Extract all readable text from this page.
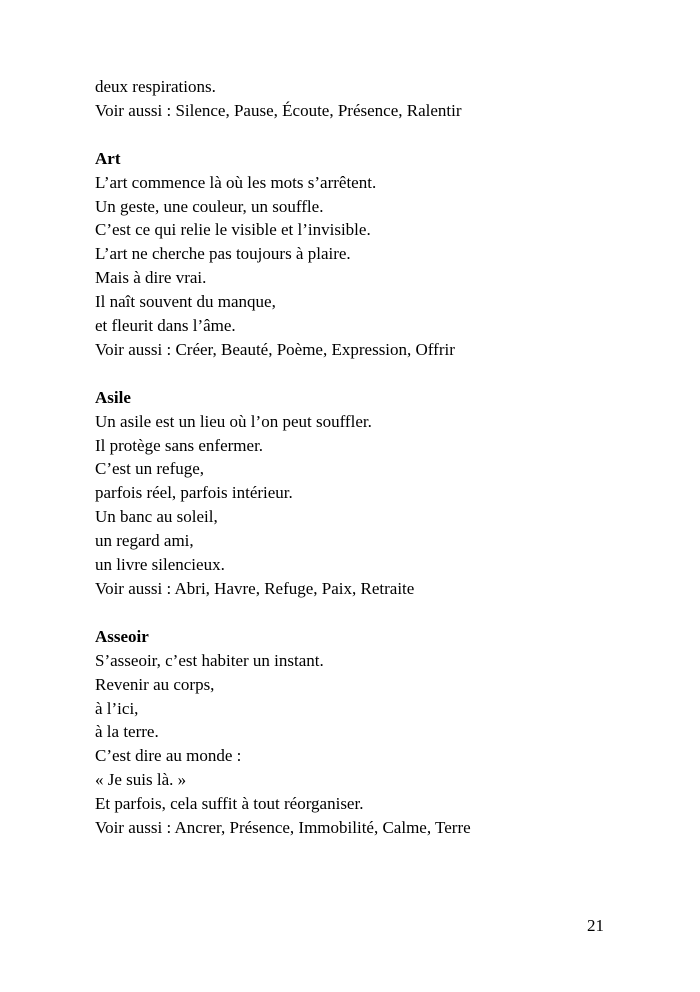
deux respirations.

Voir aussi : Silence, Pause, Écoute, Présence, Ralentir

Art

L’art commence là où les mots s’arrêtent.

Un geste, une couleur, un souffle.

C’est ce qui relie le visible et l’invisible.

L’art ne cherche pas toujours à plaire.

Mais à dire vrai.

Il naît souvent du manque,

et fleurit dans l’âme.

Voir aussi : Créer, Beauté, Poème, Expression, Offrir

Asile

Un asile est un lieu où l’on peut souffler.

Il protège sans enfermer.

C’est un refuge,

parfois réel, parfois intérieur.

Un banc au soleil,

un regard ami,

un livre silencieux.

Voir aussi : Abri, Havre, Refuge, Paix, Retraite

Asseoir

S’asseoir, c’est habiter un instant.

Revenir au corps,

à l’ici,

à la terre.

C’est dire au monde :

« Je suis là. »

Et parfois, cela suffit à tout réorganiser.

Voir aussi : Ancrer, Présence, Immobilité, Calme, Terre

21
